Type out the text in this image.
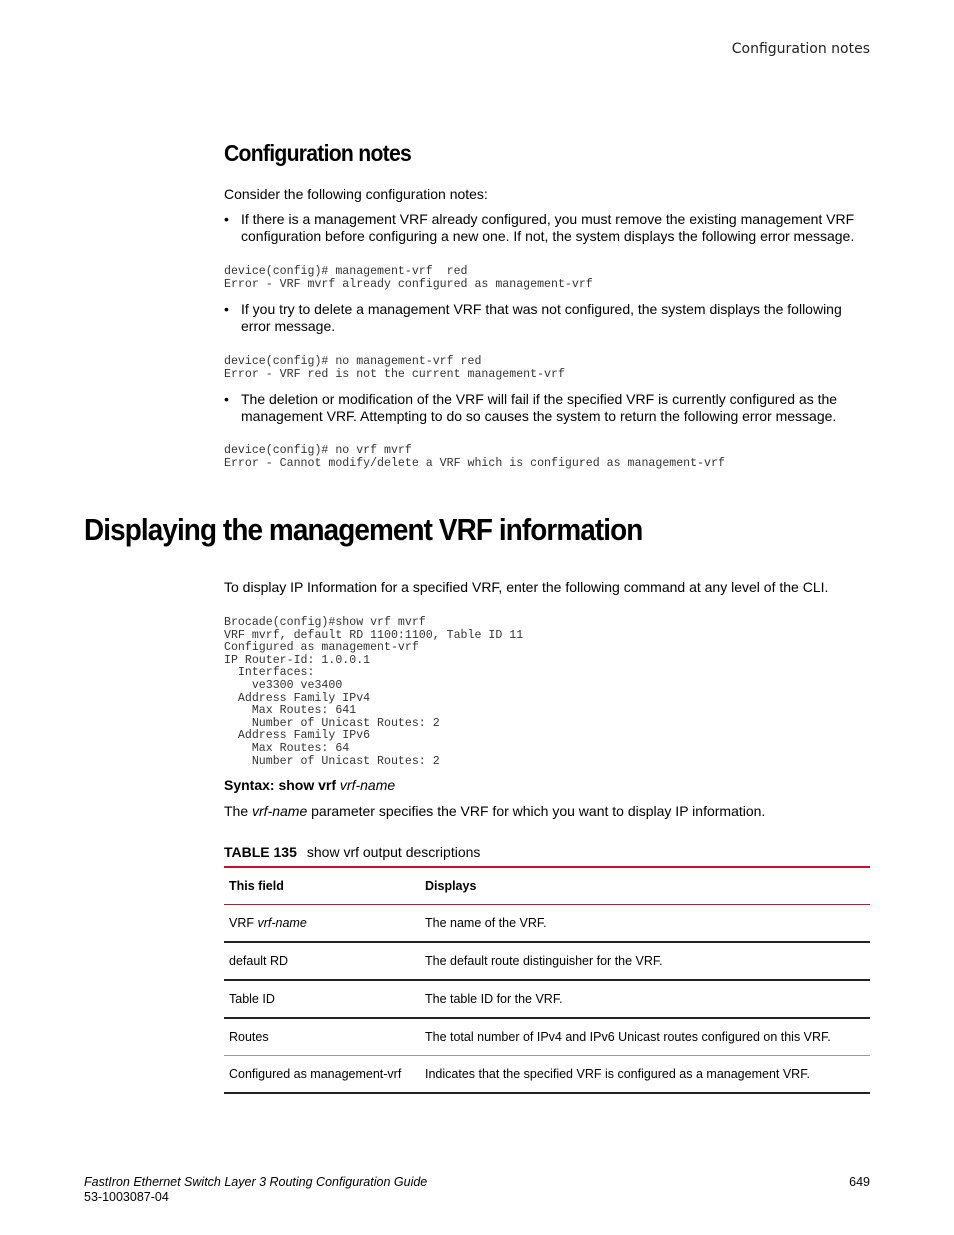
Configuration notes
Configuration notes

Consider the following configuration notes:

• If there is a management VRF already configured, you must remove the existing management VRF configuration before configuring a new one. If not, the system displays the following error message.
device(config)# management-vrf  red
Error - VRF mvrf already configured as management-vrf
• If you try to delete a management VRF that was not configured, the system displays the following error message.
device(config)# no management-vrf red
Error - VRF red is not the current management-vrf
• The deletion or modification of the VRF will fail if the specified VRF is currently configured as the management VRF. Attempting to do so causes the system to return the following error message.
device(config)# no vrf mvrf
Error - Cannot modify/delete a VRF which is configured as management-vrf
Displaying the management VRF information

To display IP Information for a specified VRF, enter the following command at any level of the CLI.

Brocade(config)#show vrf mvrf
VRF mvrf, default RD 1100:1100, Table ID 11
Configured as management-vrf
IP Router-Id: 1.0.0.1
Interfaces:
ve3300 ve3400
Address Family IPv4
Max Routes: 641
Number of Unicast Routes: 2
Address Family IPv6
Max Routes: 64
Number of Unicast Routes: 2
Syntax: show vrf vrf-name

The vrf-name parameter specifies the VRF for which you want to display IP information.

TABLE 135 show vrf output descriptions
This field	Displays
VRF vrf-name	The name of the VRF.
default RD	The default route distinguisher for the VRF.
Table ID	The table ID for the VRF.
Routes	The total number of IPv4 and IPv6 Unicast routes configured on this VRF.
Configured as management-vrf	Indicates that the specified VRF is configured as a management VRF.
FastIron Ethernet Switch Layer 3 Routing Configuration Guide
53-1003087-04
649
